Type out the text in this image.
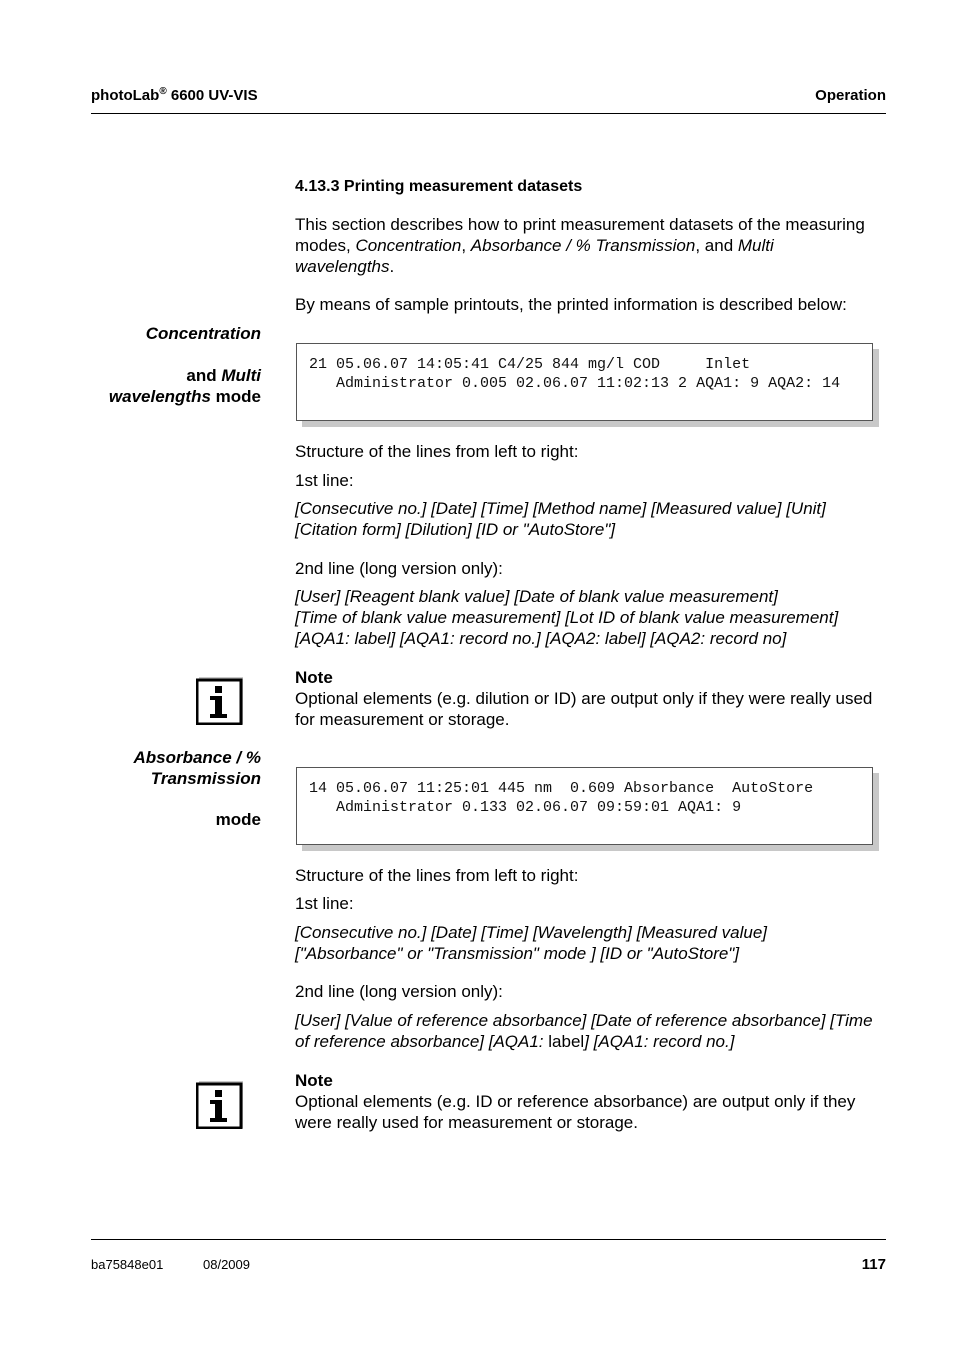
photoLab® 6600 UV-VIS	Operation
4.13.3 Printing measurement datasets
This section describes how to print measurement datasets of the measuring
modes, Concentration, Absorbance / % Transmission, and Multi
wavelengths.
By means of sample printouts, the printed information is described below:
Concentration
and Multi
wavelengths mode
21 05.06.07 14:05:41 C4/25 844 mg/l COD     Inlet
Administrator 0.005 02.06.07 11:02:13 2 AQA1: 9 AQA2: 14
Structure of the lines from left to right:
1st line:
[Consecutive no.] [Date] [Time] [Method name] [Measured value] [Unit]
[Citation form] [Dilution] [ID or "AutoStore"]
2nd line (long version only):
[User] [Reagent blank value] [Date of blank value measurement]
[Time of blank value measurement] [Lot ID of blank value measurement]
[AQA1: label] [AQA1: record no.] [AQA2: label] [AQA2: record no]
Note
Optional elements (e.g. dilution or ID) are output only if they were really used
for measurement or storage.
Absorbance / %
Transmission
mode
14 05.06.07 11:25:01 445 nm  0.609 Absorbance  AutoStore
Administrator 0.133 02.06.07 09:59:01 AQA1: 9
Structure of the lines from left to right:
1st line:
[Consecutive no.] [Date] [Time] [Wavelength] [Measured value]
["Absorbance" or "Transmission" mode ] [ID or "AutoStore"]
2nd line (long version only):
[User] [Value of reference absorbance] [Date of reference absorbance] [Time
of reference absorbance] [AQA1: label] [AQA1: record no.]
Note
Optional elements (e.g. ID or reference absorbance) are output only if they
were really used for measurement or storage.
ba75848e01	08/2009	117
